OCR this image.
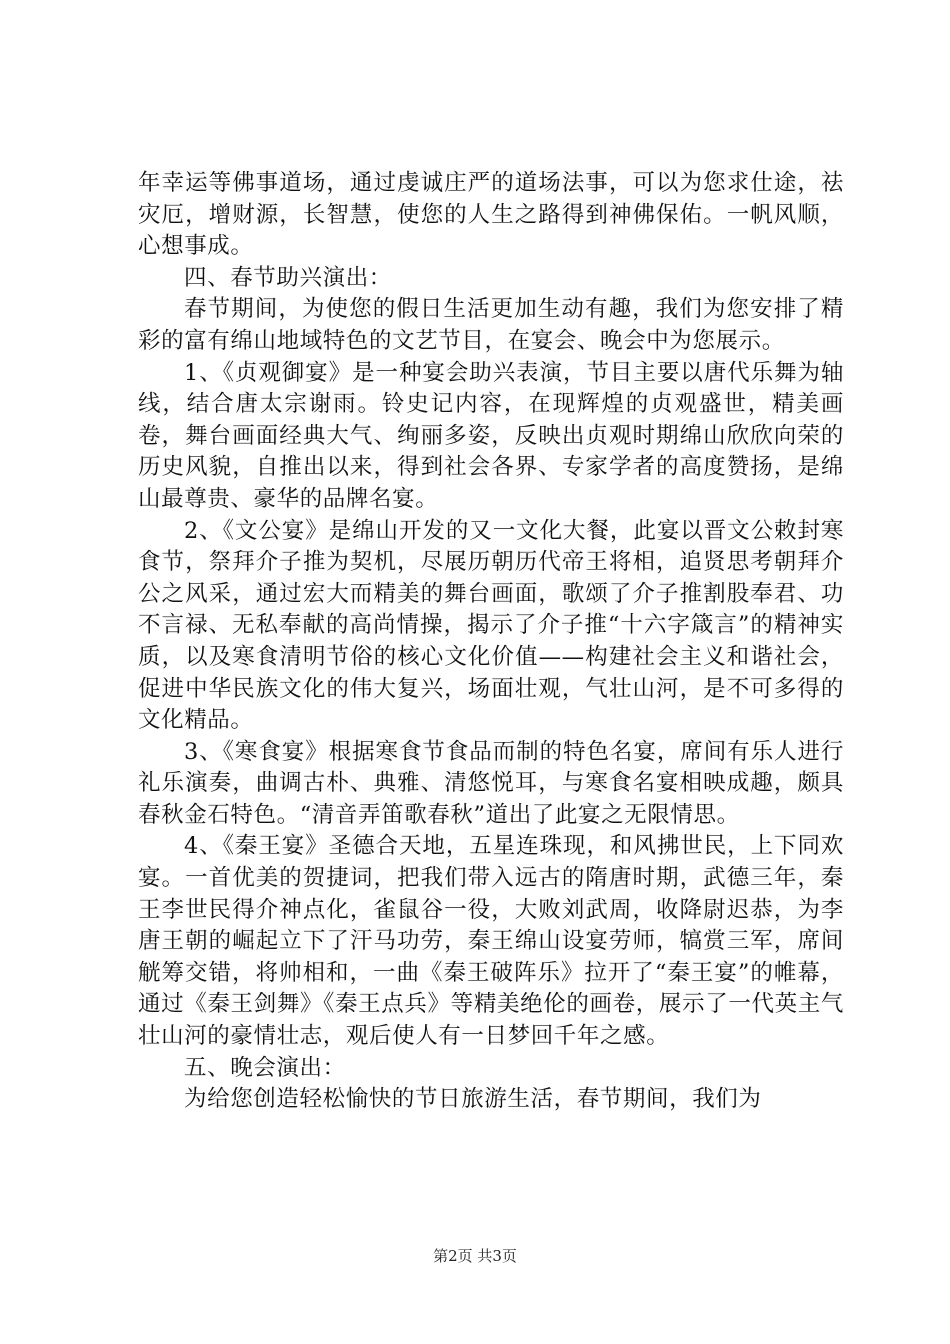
年幸运等佛事道场，通过虔诚庄严的道场法事，可以为您求仕途，祛灾厄，增财源，长智慧，使您的人生之路得到神佛保佑。一帆风顺，心想事成。

四、春节助兴演出：

春节期间，为使您的假日生活更加生动有趣，我们为您安排了精彩的富有绵山地域特色的文艺节目，在宴会、晚会中为您展示。

1、《贞观御宴》是一种宴会助兴表演，节目主要以唐代乐舞为轴线，结合唐太宗谢雨。铃史记内容，在现辉煌的贞观盛世，精美画卷，舞台画面经典大气、绚丽多姿，反映出贞观时期绵山欣欣向荣的历史风貌，自推出以来，得到社会各界、专家学者的高度赞扬，是绵山最尊贵、豪华的品牌名宴。

2、《文公宴》是绵山开发的又一文化大餐，此宴以晋文公敕封寒食节，祭拜介子推为契机，尽展历朝历代帝王将相，追贤思考朝拜介公之风采，通过宏大而精美的舞台画面，歌颂了介子推割股奉君、功不言禄、无私奉献的高尚情操，揭示了介子推“十六字箴言”的精神实质，以及寒食清明节俗的核心文化价值——构建社会主义和谐社会，促进中华民族文化的伟大复兴，场面壮观，气壮山河，是不可多得的文化精品。

3、《寒食宴》根据寒食节食品而制的特色名宴，席间有乐人进行礼乐演奏，曲调古朴、典雅、清悠悦耳，与寒食名宴相映成趣，颇具春秋金石特色。“清音弄笛歌春秋”道出了此宴之无限情思。

4、《秦王宴》圣德合天地，五星连珠现，和风拂世民，上下同欢宴。一首优美的贺捷词，把我们带入远古的隋唐时期，武德三年，秦王李世民得介神点化，雀鼠谷一役，大败刘武周，收降尉迟恭，为李唐王朝的崛起立下了汗马功劳，秦王绵山设宴劳师，犒赏三军，席间觥筹交错，将帅相和，一曲《秦王破阵乐》拉开了“秦王宴”的帷幕，通过《秦王剑舞》《秦王点兵》等精美绝伦的画卷，展示了一代英主气壮山河的豪情壮志，观后使人有一日梦回千年之感。

五、晚会演出：

为给您创造轻松愉快的节日旅游生活，春节期间，我们为

第2页 共3页
